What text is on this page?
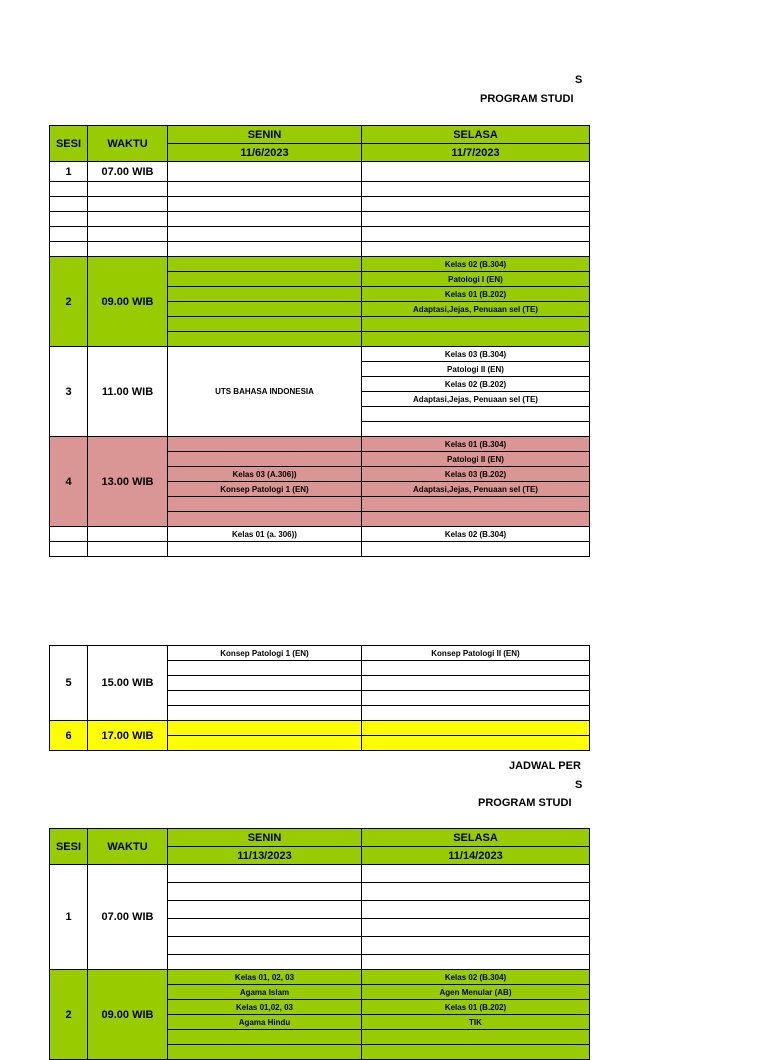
S
PROGRAM STUDI
SESI	WAKTU	SENIN	SELASA
		11/6/2023	11/7/2023
1	07.00 WIB		

2	09.00 WIB		Kelas 02 (B.304)
			Patologi I (EN)
			Kelas 01 (B.202)
			Adaptasi,Jejas, Penuaan sel (TE)

3	11.00 WIB	UTS BAHASA INDONESIA	Kelas 03 (B.304)
			Patologi II (EN)
			Kelas 02 (B.202)
			Adaptasi,Jejas, Penuaan sel (TE)

4	13.00 WIB		Kelas 01 (B.304)
			Patologi II (EN)
		Kelas 03 (A.306))	Kelas 03 (B.202)
		Konsep Patologi 1 (EN)	Adaptasi,Jejas, Penuaan sel (TE)

		Kelas 01 (a. 306))	Kelas 02 (B.304)

5	15.00 WIB	Konsep Patologi 1 (EN)	Konsep Patologi II (EN)

6	17.00 WIB		

JADWAL PER
S
PROGRAM STUDI
SESI	WAKTU	SENIN	SELASA
		11/13/2023	11/14/2023
1	07.00 WIB		

2	09.00 WIB	Kelas 01, 02, 03	Kelas 02 (B.304)
		Agama Islam	Agen Menular (AB)
		Kelas 01,02, 03	Kelas 01 (B.202)
		Agama Hindu	TIK
